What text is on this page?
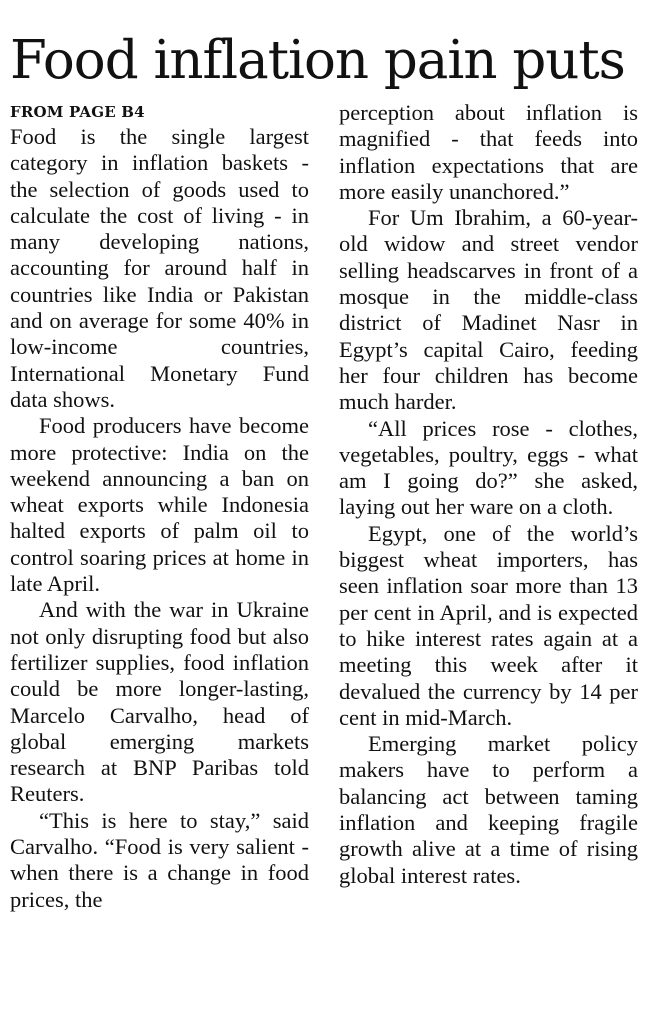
Food inflation pain puts
FROM PAGE B4

Food is the single largest category in inflation baskets - the selection of goods used to calculate the cost of living - in many developing nations, accounting for around half in countries like India or Pakistan and on average for some 40% in low-income countries, International Monetary Fund data shows.

Food producers have become more protective: India on the weekend announcing a ban on wheat exports while Indonesia halted exports of palm oil to control soaring prices at home in late April.

And with the war in Ukraine not only disrupting food but also fertilizer supplies, food inflation could be more longer-lasting, Marcelo Carvalho, head of global emerging markets research at BNP Paribas told Reuters.

“This is here to stay,” said Carvalho. “Food is very salient - when there is a change in food prices, the

perception about inflation is magnified - that feeds into inflation expectations that are more easily unanchored.”

For Um Ibrahim, a 60-year-old widow and street vendor selling headscarves in front of a mosque in the middle-class district of Madinet Nasr in Egypt’s capital Cairo, feeding her four children has become much harder.

“All prices rose - clothes, vegetables, poultry, eggs - what am I going do?” she asked, laying out her ware on a cloth.

Egypt, one of the world’s biggest wheat importers, has seen inflation soar more than 13 per cent in April, and is expected to hike interest rates again at a meeting this week after it devalued the currency by 14 per cent in mid-March.

Emerging market policy makers have to perform a balancing act between taming inflation and keeping fragile growth alive at a time of rising global interest rates.
